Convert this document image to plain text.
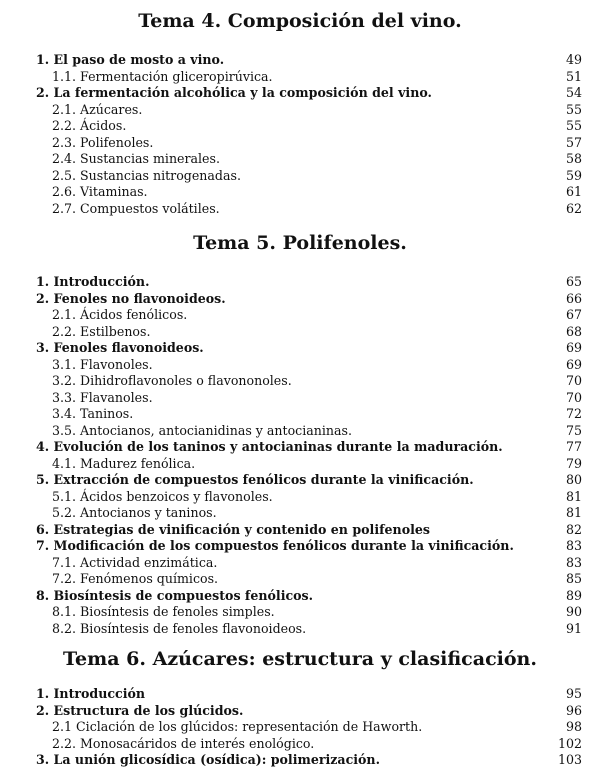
Tema 4. Composición del vino.
1. El paso de mosto a vino.	49
1.1. Fermentación gliceropirúvica.	51
2. La fermentación alcohólica y la composición del vino.	54
2.1. Azúcares.	55
2.2. Ácidos.	55
2.3. Polifenoles.	57
2.4. Sustancias minerales.	58
2.5. Sustancias nitrogenadas.	59
2.6. Vitaminas.	61
2.7. Compuestos volátiles.	62
Tema 5. Polifenoles.
1. Introducción.	65
2. Fenoles no flavonoideos.	66
2.1. Ácidos fenólicos.	67
2.2. Estilbenos.	68
3. Fenoles flavonoideos.	69
3.1. Flavonoles.	69
3.2. Dihidroflavonoles o flavononoles.	70
3.3. Flavanoles.	70
3.4. Taninos.	72
3.5. Antocianos, antocianidinas y antocianinas.	75
4. Evolución de los taninos y antocianinas durante la maduración.	77
4.1. Madurez fenólica.	79
5. Extracción de compuestos fenólicos durante la vinificación.	80
5.1. Ácidos benzoicos y flavonoles.	81
5.2. Antocianos y taninos.	81
6. Estrategias de vinificación y contenido en polifenoles	82
7. Modificación de los compuestos fenólicos durante la vinificación.	83
7.1. Actividad enzimática.	83
7.2. Fenómenos químicos.	85
8. Biosíntesis de compuestos fenólicos.	89
8.1. Biosíntesis de fenoles simples.	90
8.2. Biosíntesis de fenoles flavonoideos.	91
Tema 6. Azúcares: estructura y clasificación.
1. Introducción	95
2. Estructura de los glúcidos.	96
2.1 Ciclación de los glúcidos: representación de Haworth.	98
2.2. Monosacáridos de interés enológico.	102
3. La unión glicosídica (osídica): polimerización.	103
